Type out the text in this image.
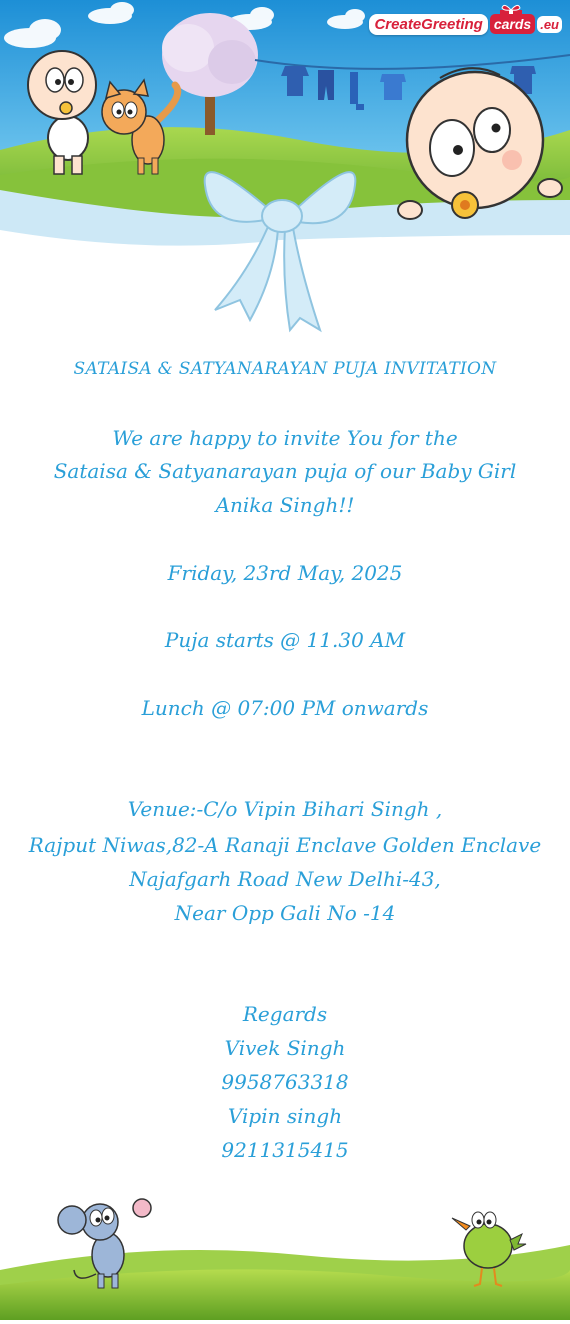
CreateGreeting cards .eu
SATAISA & SATYANARAYAN PUJA INVITATION
We are happy to invite You for the
Sataisa & Satyanarayan puja of our Baby Girl
Anika Singh!!
Friday, 23rd May, 2025
Puja starts @ 11.30 AM
Lunch @ 07:00 PM onwards
Venue:-C/o Vipin Bihari Singh ,
Rajput Niwas,82-A Ranaji Enclave Golden Enclave
Najafgarh Road New Delhi-43,
Near Opp Gali No -14
Regards
Vivek Singh
9958763318
Vipin singh
9211315415
